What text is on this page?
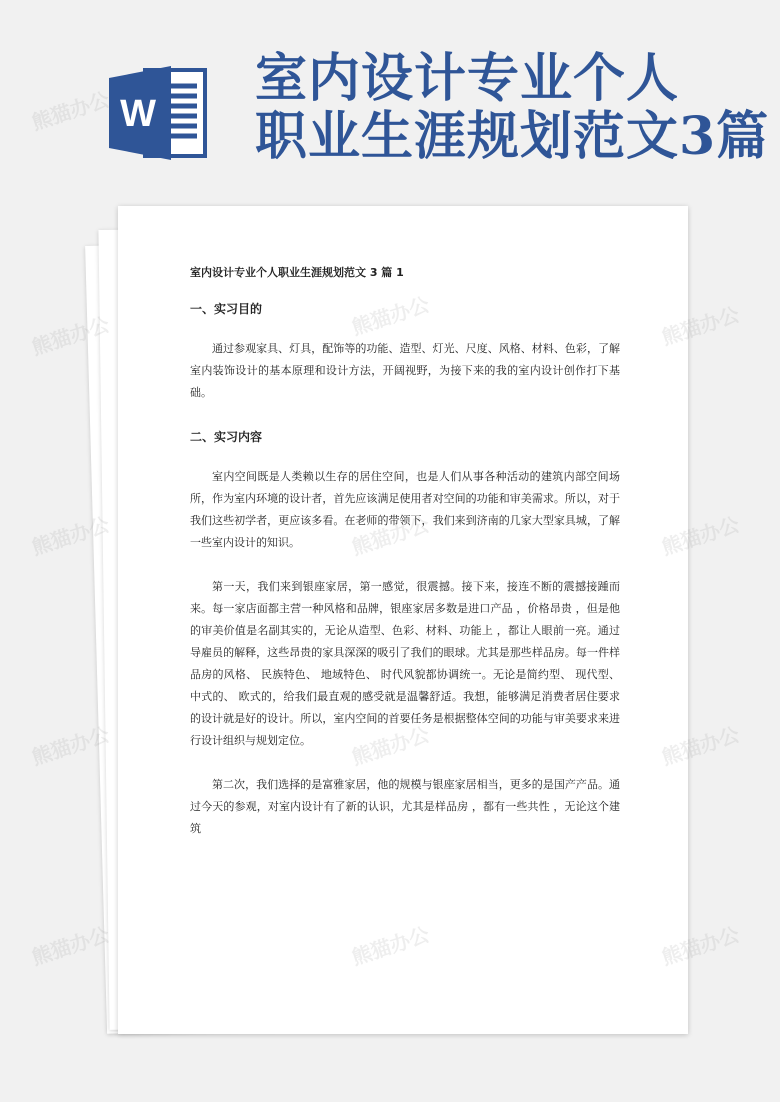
W
室内设计专业个人
职业生涯规划范文3篇

室内设计专业个人职业生涯规划范文 3 篇 1

一、实习目的

通过参观家具、灯具，配饰等的功能、造型、灯光、尺度、风格、材料、色彩，了解室内装饰设计的基本原理和设计方法，开阔视野，为接下来的我的室内设计创作打下基础。

二、实习内容

室内空间既是人类赖以生存的居住空间，也是人们从事各种活动的建筑内部空间场所，作为室内环境的设计者，首先应该满足使用者对空间的功能和审美需求。所以，对于我们这些初学者，更应该多看。在老师的带领下，我们来到济南的几家大型家具城，了解一些室内设计的知识。

第一天，我们来到银座家居，第一感觉，很震撼。接下来，接连不断的震撼接踵而来。每一家店面都主营一种风格和品牌，银座家居多数是进口产品 ，价格昂贵 ，但是他的审美价值是名副其实的，无论从造型、色彩、材料、功能上 ，都让人眼前一亮。通过导雇员的解释，这些昂贵的家具深深的吸引了我们的眼球。尤其是那些样品房。每一件样品房的风格、 民族特色、 地域特色、 时代风貌都协调统一。无论是简约型、 现代型、 中式的、 欧式的，给我们最直观的感受就是温馨舒适。我想，能够满足消费者居住要求的设计就是好的设计。所以，室内空间的首要任务是根据整体空间的功能与审美要求来进行设计组织与规划定位。

第二次，我们选择的是富雅家居，他的规模与银座家居相当，更多的是国产产品。通过今天的参观，对室内设计有了新的认识，尤其是样品房 ，都有一些共性 ，无论这个建筑

熊猫办公
熊猫办公	熊猫办公
熊猫办公	熊猫办公
熊猫办公	熊猫办公
熊猫办公	熊猫办公
